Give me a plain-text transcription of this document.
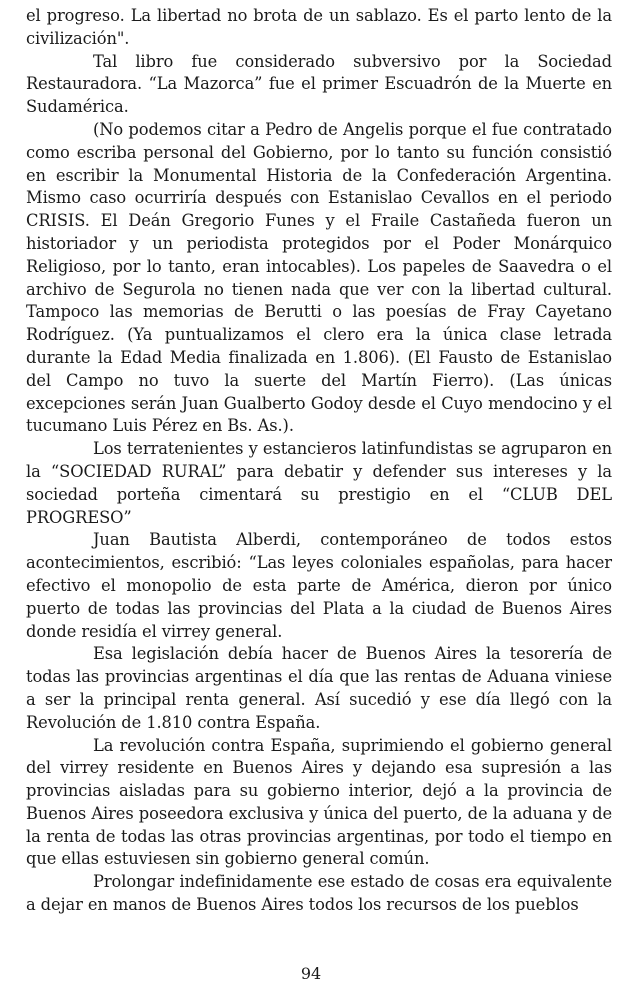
el progreso. La libertad no brota de un sablazo. Es el parto lento de la civilización".

Tal libro fue considerado subversivo por la Sociedad Restauradora. “La Mazorca” fue el primer Escuadrón de la Muerte en Sudamérica.

(No podemos citar a Pedro de Angelis porque el fue contratado como escriba personal del Gobierno, por lo tanto su función consistió en escribir la Monumental Historia de la Confederación Argentina. Mismo caso ocurriría después con Estanislao Cevallos en el periodo CRISIS. El Deán Gregorio Funes y el Fraile Castañeda fueron un historiador y un periodista protegidos por el Poder Monárquico Religioso, por lo tanto, eran intocables). Los papeles de Saavedra o el archivo de Segurola no tienen nada que ver con la libertad cultural. Tampoco las memorias de Berutti o las poesías de Fray Cayetano Rodríguez. (Ya puntualizamos el clero era la única clase letrada durante la Edad Media finalizada en 1.806). (El Fausto de Estanislao del Campo no tuvo la suerte del Martín Fierro). (Las únicas excepciones serán Juan Gualberto Godoy desde el Cuyo mendocino y el tucumano Luis Pérez en Bs. As.).

Los terratenientes y estancieros latinfundistas se agruparon en la “SOCIEDAD RURAL” para debatir y defender sus intereses y la sociedad porteña cimentará su prestigio en el “CLUB DEL PROGRESO”

Juan Bautista Alberdi, contemporáneo de todos estos acontecimientos, escribió: “Las leyes coloniales españolas, para hacer efectivo el monopolio de esta parte de América, dieron por único puerto de todas las provincias del Plata a la ciudad de Buenos Aires donde residía el virrey general.

Esa legislación debía hacer de Buenos Aires la tesorería de todas las provincias argentinas el día que las rentas de Aduana viniese a ser la principal renta general. Así sucedió y ese día llegó con la Revolución de 1.810 contra España.

La revolución contra España, suprimiendo el gobierno general del virrey residente en Buenos Aires y dejando esa supresión a las provincias aisladas para su gobierno interior, dejó a la provincia de Buenos Aires poseedora exclusiva y única del puerto, de la aduana y de la renta de todas las otras provincias argentinas, por todo el tiempo en que ellas estuviesen sin gobierno general común.

Prolongar indefinidamente ese estado de cosas era equivalente a dejar en manos de Buenos Aires todos los recursos de los pueblos

94
